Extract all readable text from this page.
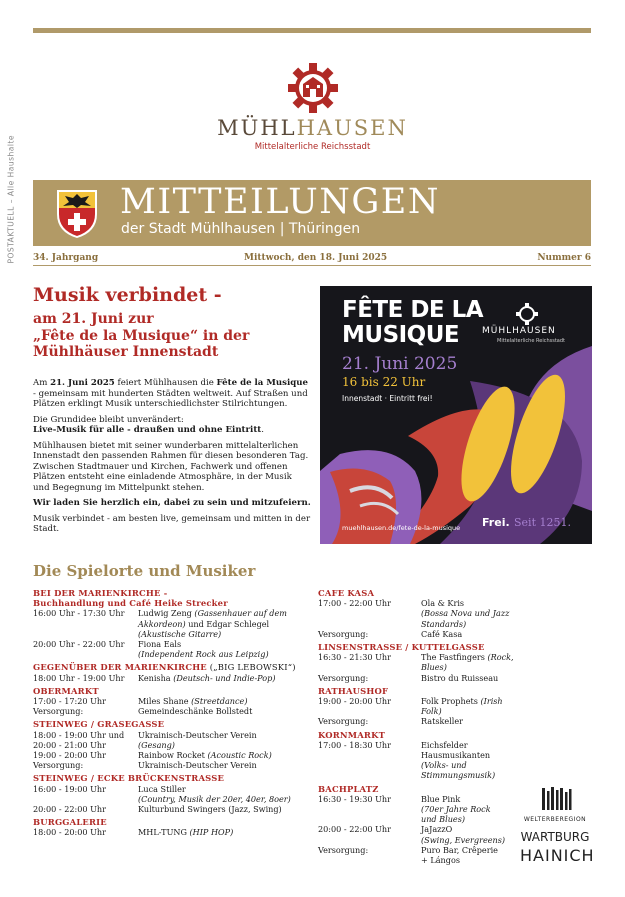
POSTAKTUELL – Alle Haushalte
MÜHLHAUSEN
Mittelalterliche Reichsstadt
MITTEILUNGEN
der Stadt Mühlhausen | Thüringen
34. Jahrgang	Mittwoch, den 18. Juni 2025	Nummer 6
Musik verbindet -
am 21. Juni zur
„Fête de la Musique“ in der
Mühlhäuser Innenstadt

Am 21. Juni 2025 feiert Mühlhausen die Fête de la Musique - gemeinsam mit hunderten Städten weltweit. Auf Straßen und Plätzen erklingt Musik unterschiedlichster Stilrichtungen.

Die Grundidee bleibt unverändert:
Live-Musik für alle - draußen und ohne Eintritt.

Mühlhausen bietet mit seiner wunderbaren mittelalterlichen Innenstadt den passenden Rahmen für diesen besonderen Tag. Zwischen Stadtmauer und Kirchen, Fachwerk und offenen Plätzen entsteht eine einladende Atmosphäre, in der Musik und Begegnung im Mittelpunkt stehen.

Wir laden Sie herzlich ein, dabei zu sein und mitzufeiern.

Musik verbindet - am besten live, gemeinsam und mitten in der Stadt.

FÊTE DE LA
MUSIQUE
21. Juni 2025
16 bis 22 Uhr
Innenstadt · Eintritt frei!
MÜHLHAUSEN
Mittelalterliche Reichsstadt
muehlhausen.de/fete-de-la-musique Frei. Seit 1251.
Die Spielorte und Musiker
BEI DER MARIENKIRCHE -
Buchhandlung und Café Heike Strecker
16:00 Uhr - 17:30 Uhr	Ludwig Zeng (Gassenhauer auf dem Akkordeon) und Edgar Schlegel (Akustische Gitarre)
20:00 Uhr - 22:00 Uhr	Fiona Eals
(Independent Rock aus Leipzig)
GEGENÜBER DER MARIENKIRCHE („BIG LEBOWSKI“)
18:00 Uhr - 19:00 Uhr	Kenisha (Deutsch- und Indie-Pop)
OBERMARKT
17:00 - 17:20 Uhr	Miles Shane (Streetdance)
Versorgung:	Gemeindeschänke Bollstedt
STEINWEG / GRASEGASSE
18:00 - 19:00 Uhr und	Ukrainisch-Deutscher Verein
20:00 - 21:00 Uhr	(Gesang)
19:00 - 20:00 Uhr	Rainbow Rocket (Acoustic Rock)
Versorgung:	Ukrainisch-Deutscher Verein
STEINWEG / ECKE BRÜCKENSTRASSE
16:00 - 19:00 Uhr	Luca Stiller
(Country, Musik der 20er, 40er, 8oer)
20:00 - 22:00 Uhr	Kulturbund Swingers (Jazz, Swing)
BURGGALERIE
18:00 - 20:00 Uhr	MHL-TUNG (HIP HOP)
CAFE KASA
17:00 - 22:00 Uhr	Ola & Kris
(Bossa Nova und Jazz Standards)
Versorgung:	Café Kasa
LINSENSTRASSE / KUTTELGASSE
16:30 - 21:30 Uhr	The Fastfingers (Rock, Blues)
Versorgung:	Bistro du Ruisseau
RATHAUSHOF
19:00 - 20:00 Uhr	Folk Prophets (Irish Folk)
Versorgung:	Ratskeller
KORNMARKT
17:00 - 18:30 Uhr	Eichsfelder Hausmusikanten
(Volks- und Stimmungsmusik)
BACHPLATZ
16:30 - 19:30 Uhr	Blue Pink
(70er Jahre Rock und Blues)
20:00 - 22:00 Uhr	JaJazzO
(Swing, Evergreens)
Versorgung:	Puro Bar, Crêperie + Lángos
WELTERBEREGION
WARTBURG
HAINICH
